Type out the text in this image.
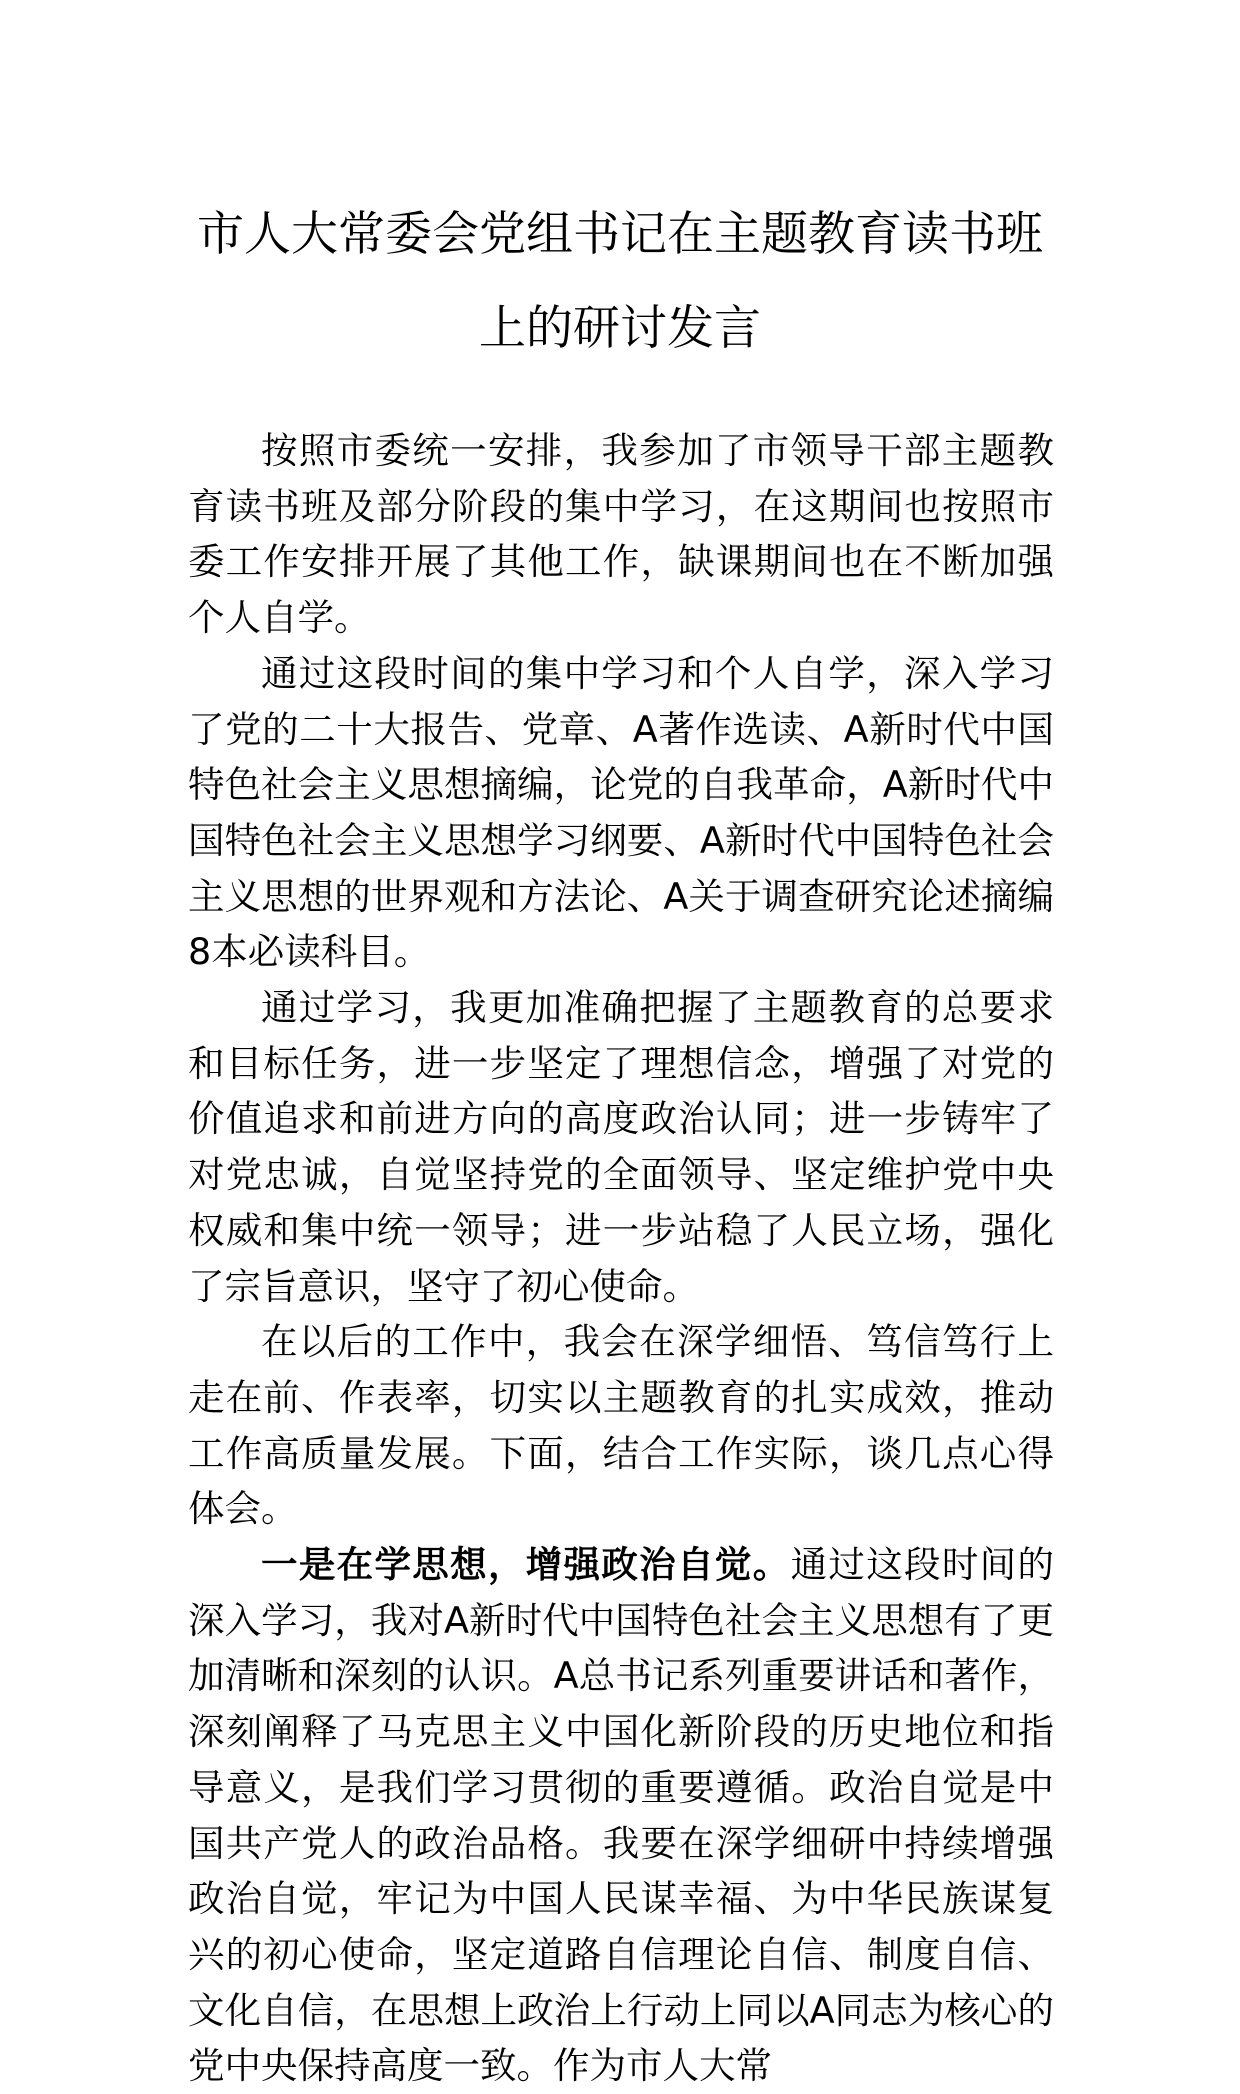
市人大常委会党组书记在主题教育读书班
上的研讨发言

按照市委统一安排，我参加了市领导干部主题教育读书班及部分阶段的集中学习，在这期间也按照市委工作安排开展了其他工作，缺课期间也在不断加强个人自学。

通过这段时间的集中学习和个人自学，深入学习了党的二十大报告、党章、A著作选读、A新时代中国特色社会主义思想摘编，论党的自我革命，A新时代中国特色社会主义思想学习纲要、A新时代中国特色社会主义思想的世界观和方法论、A关于调查研究论述摘编8本必读科目。

通过学习，我更加准确把握了主题教育的总要求和目标任务，进一步坚定了理想信念，增强了对党的价值追求和前进方向的高度政治认同；进一步铸牢了对党忠诚，自觉坚持党的全面领导、坚定维护党中央权威和集中统一领导；进一步站稳了人民立场，强化了宗旨意识，坚守了初心使命。

在以后的工作中，我会在深学细悟、笃信笃行上走在前、作表率，切实以主题教育的扎实成效，推动工作高质量发展。下面，结合工作实际，谈几点心得体会。

一是在学思想，增强政治自觉。通过这段时间的深入学习，我对A新时代中国特色社会主义思想有了更加清晰和深刻的认识。A总书记系列重要讲话和著作，深刻阐释了马克思主义中国化新阶段的历史地位和指导意义，是我们学习贯彻的重要遵循。政治自觉是中国共产党人的政治品格。我要在深学细研中持续增强政治自觉，牢记为中国人民谋幸福、为中华民族谋复兴的初心使命，坚定道路自信理论自信、制度自信、文化自信，在思想上政治上行动上同以A同志为核心的党中央保持高度一致。作为市人大常
